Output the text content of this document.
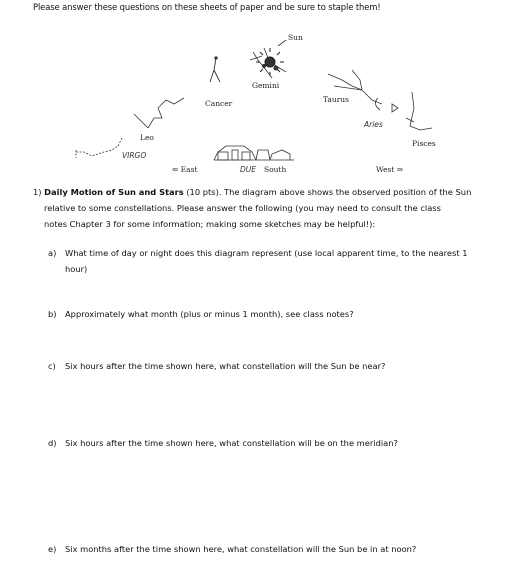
Please answer these questions on these sheets of paper and be sure to staple them!
Sun
Gemini
Cancer	Taurus
Aries
Pisces
Leo
VIRGO
⇐ East	DUE South	West ⇒
1) Daily Motion of Sun and Stars (10 pts). The diagram above shows the observed position of the Sun
relative to some constellations. Please answer the following (you may need to consult the class
notes Chapter 3 for some information; making some sketches may be helpful!):
a) What time of day or night does this diagram represent (use local apparent time, to the nearest 1
hour)
b) Approximately what month (plus or minus 1 month), see class notes?
c) Six hours after the time shown here, what constellation will the Sun be near?
d) Six hours after the time shown here, what constellation will be on the meridian?
e) Six months after the time shown here, what constellation will the Sun be in at noon?
